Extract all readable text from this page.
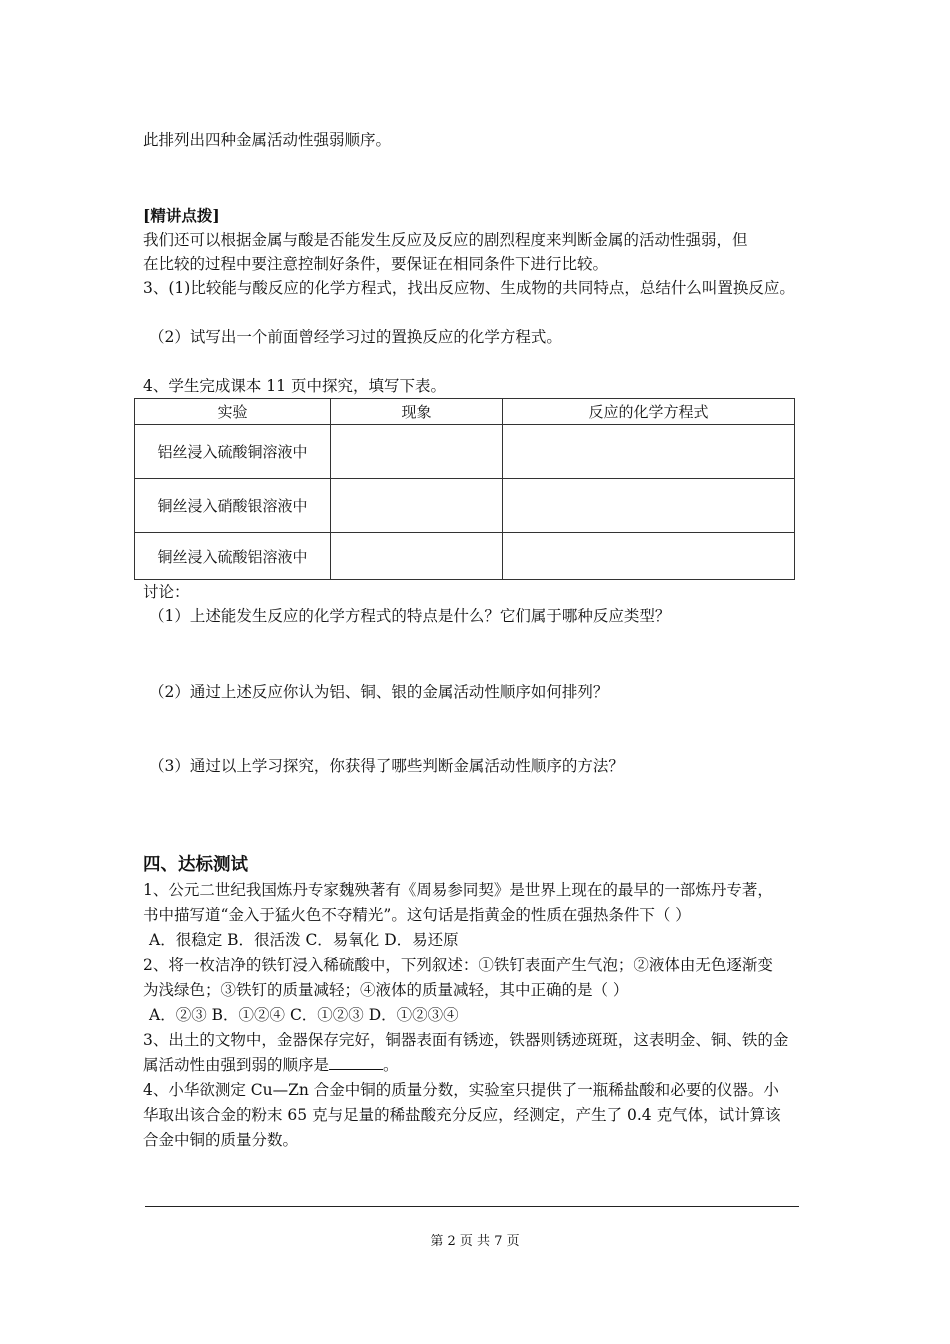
此排列出四种金属活动性强弱顺序。
[精讲点拨]
我们还可以根据金属与酸是否能发生反应及反应的剧烈程度来判断金属的活动性强弱，但
在比较的过程中要注意控制好条件，要保证在相同条件下进行比较。
3、(1)比较能与酸反应的化学方程式，找出反应物、生成物的共同特点，总结什么叫置换反应。
（2）试写出一个前面曾经学习过的置换反应的化学方程式。
4、学生完成课本 11 页中探究，填写下表。
实验	现象	反应的化学方程式
铝丝浸入硫酸铜溶液中		
铜丝浸入硝酸银溶液中		
铜丝浸入硫酸铝溶液中		
讨论：
（1）上述能发生反应的化学方程式的特点是什么？它们属于哪种反应类型？
（2）通过上述反应你认为铝、铜、银的金属活动性顺序如何排列？
（3）通过以上学习探究，你获得了哪些判断金属活动性顺序的方法？
四、达标测试
1、公元二世纪我国炼丹专家魏殃著有《周易参同契》是世界上现在的最早的一部炼丹专著，
书中描写道“金入于猛火色不夺精光”。这句话是指黄金的性质在强热条件下（ ）
A．很稳定 B．很活泼 C．易氧化 D．易还原
2、将一枚洁净的铁钉浸入稀硫酸中，下列叙述：①铁钉表面产生气泡；②液体由无色逐渐变
为浅绿色；③铁钉的质量减轻；④液体的质量减轻，其中正确的是（ ）
A．②③ B．①②④ C．①②③ D．①②③④
3、出土的文物中，金器保存完好，铜器表面有锈迹，铁器则锈迹斑斑，这表明金、铜、铁的金
属活动性由强到弱的顺序是	。
4、小华欲测定 Cu—Zn 合金中铜的质量分数，实验室只提供了一瓶稀盐酸和必要的仪器。小
华取出该合金的粉末 65 克与足量的稀盐酸充分反应，经测定，产生了 0.4 克气体，试计算该
合金中铜的质量分数。
第 2 页 共 7 页
